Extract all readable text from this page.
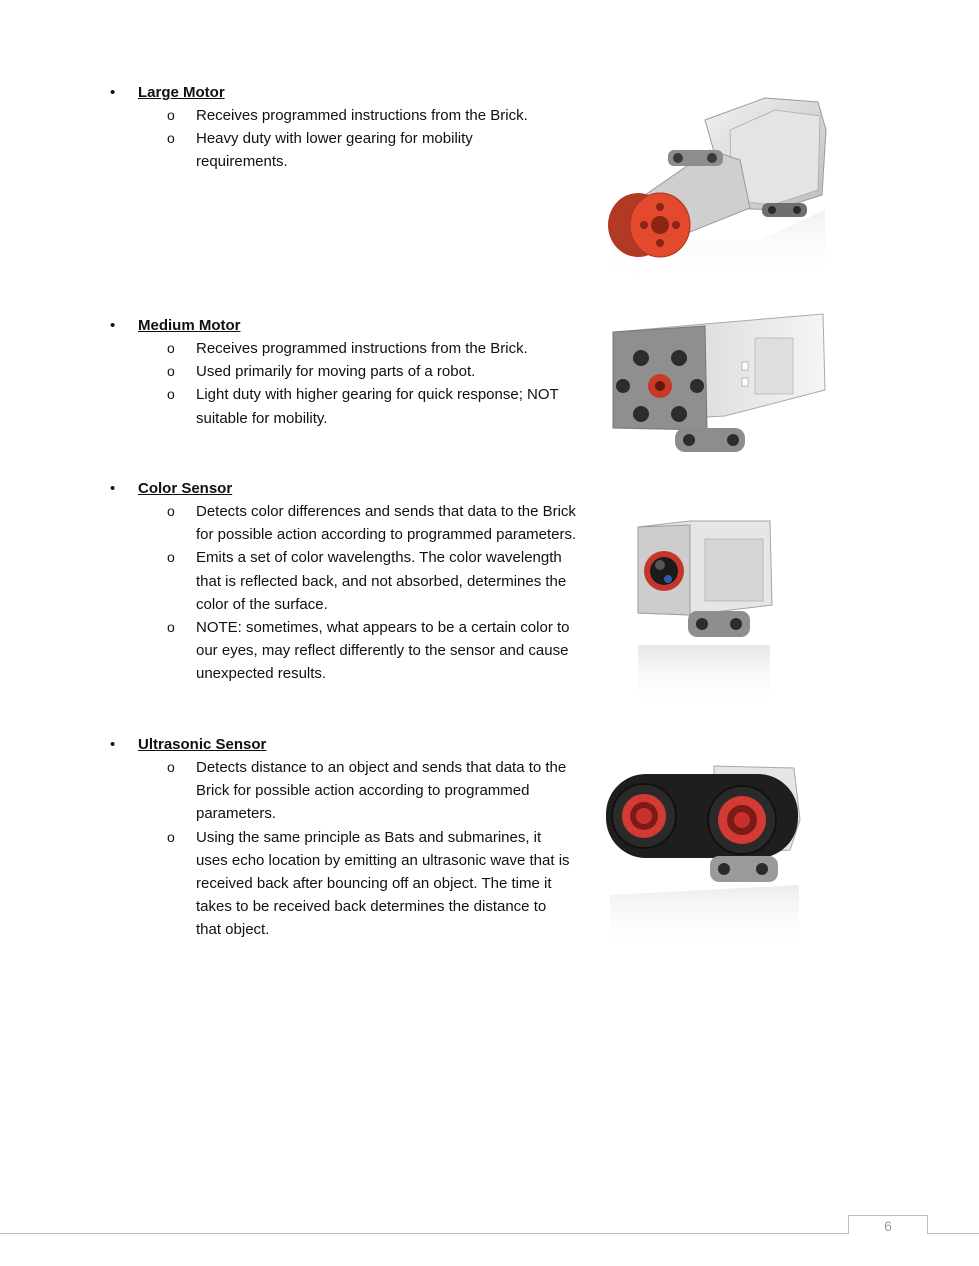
•	Large Motor
o Receives programmed instructions from the Brick.
o Heavy duty with lower gearing for mobility requirements.
•	Medium Motor
o Receives programmed instructions from the Brick.
o Used primarily for moving parts of a robot.
o Light duty with higher gearing for quick response; NOT suitable for mobility.
•	Color Sensor
o Detects color differences and sends that data to the Brick for possible action according to programmed parameters.
o Emits a set of color wavelengths. The color wavelength that is reflected back, and not absorbed, determines the color of the surface.
o NOTE: sometimes, what appears to be a certain color to our eyes, may reflect differently to the sensor and cause unexpected results.
•	Ultrasonic Sensor
o Detects distance to an object and sends that data to the Brick for possible action according to programmed parameters.
o Using the same principle as Bats and submarines, it uses echo location by emitting an ultrasonic wave that is received back after bouncing off an object. The time it takes to be received back determines the distance to that object.
6
